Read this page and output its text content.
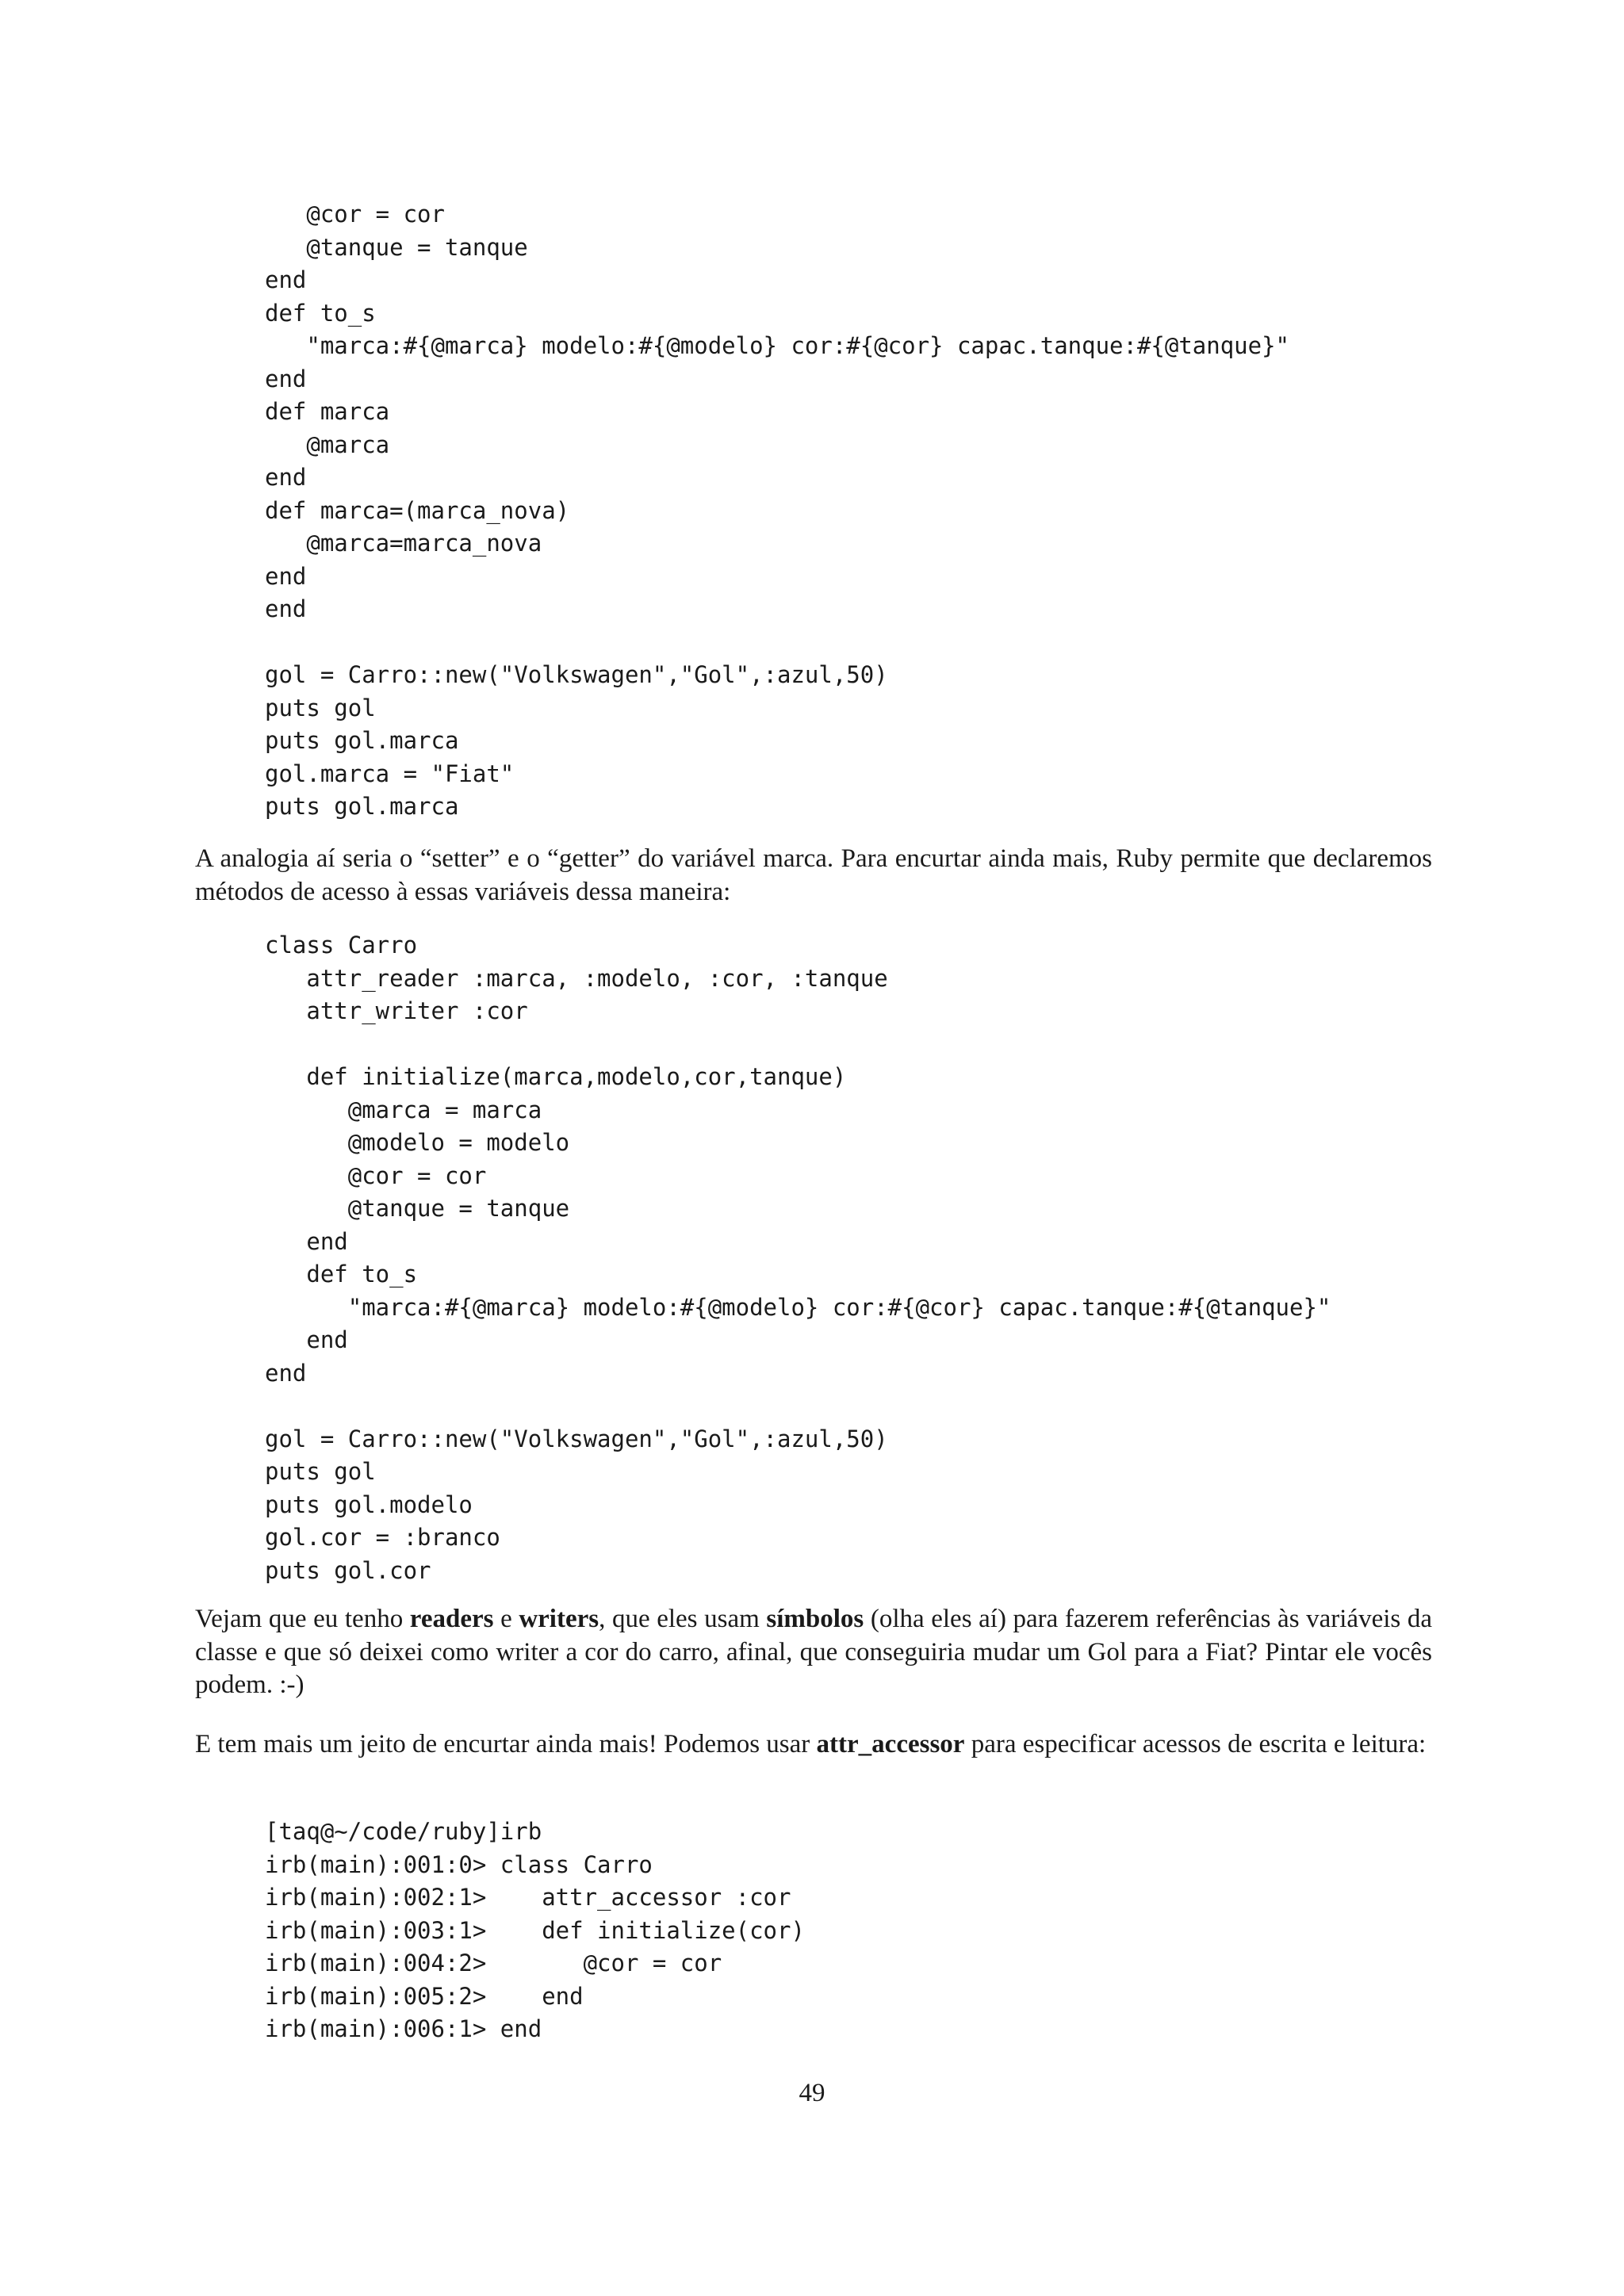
@cor = cor
@tanque = tanque
end
def to_s
"marca:#{@marca} modelo:#{@modelo} cor:#{@cor} capac.tanque:#{@tanque}"
end
def marca
@marca
end
def marca=(marca_nova)
@marca=marca_nova
end
end
gol = Carro::new("Volkswagen","Gol",:azul,50)
puts gol
puts gol.marca
gol.marca = "Fiat"
puts gol.marca

A analogia aí seria o “setter” e o “getter” do variável marca. Para encurtar ainda mais, Ruby permite que declaremos métodos de acesso à essas variáveis dessa maneira:

class Carro
attr_reader :marca, :modelo, :cor, :tanque
attr_writer :cor

def initialize(marca,modelo,cor,tanque)
@marca = marca
@modelo = modelo
@cor = cor
@tanque = tanque
end
def to_s
"marca:#{@marca} modelo:#{@modelo} cor:#{@cor} capac.tanque:#{@tanque}"
end
end

gol = Carro::new("Volkswagen","Gol",:azul,50)
puts gol
puts gol.modelo
gol.cor = :branco
puts gol.cor

Vejam que eu tenho readers e writers, que eles usam símbolos (olha eles aí) para fazerem referências às variáveis da classe e que só deixei como writer a cor do carro, afinal, que conseguiria mudar um Gol para a Fiat? Pintar ele vocês podem. :-)

E tem mais um jeito de encurtar ainda mais! Podemos usar attr_accessor para especificar acessos de escrita e leitura:

[taq@~/code/ruby]irb
irb(main):001:0> class Carro
irb(main):002:1>    attr_accessor :cor
irb(main):003:1>    def initialize(cor)
irb(main):004:2>       @cor = cor
irb(main):005:2>    end
irb(main):006:1> end
49
